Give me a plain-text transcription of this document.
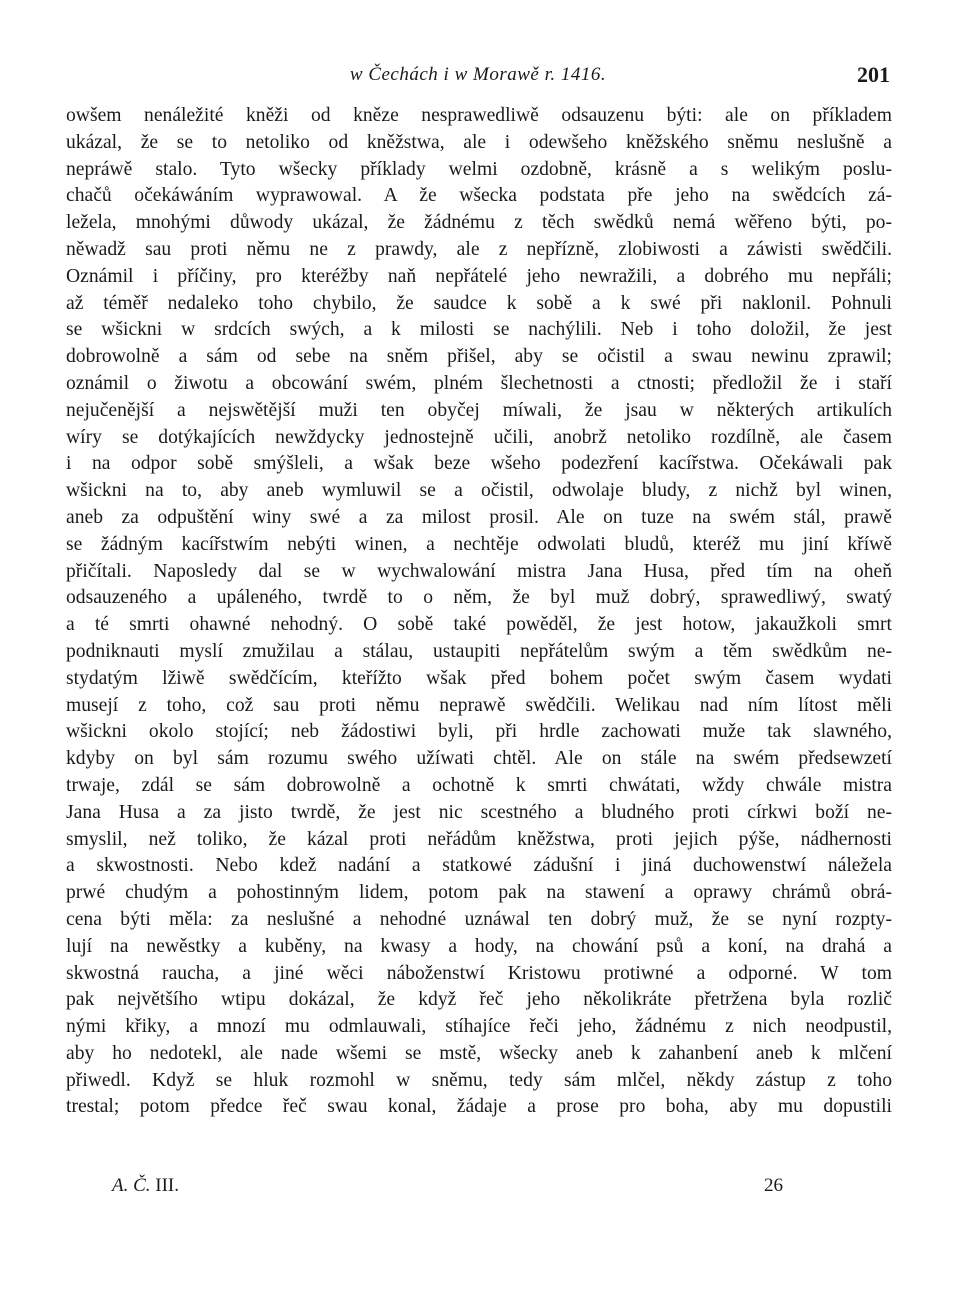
w Čechách i w Morawě r. 1416.	201
owšem nenáležité kněži od kněze nesprawedliwě odsauzenu býti: ale on příkladem
ukázal, že se to netoliko od kněžstwa, ale i odewšeho kněžského sněmu neslušně a
nepráwě stalo. Tyto wšecky příklady welmi ozdobně, krásně a s welikým poslu-
chačů očekáwáním wyprawowal. A že wšecka podstata pře jeho na swědcích zá-
ležela, mnohými důwody ukázal, že žádnému z těch swědků nemá wěřeno býti, po-
něwadž sau proti němu ne z prawdy, ale z nepřízně, zlobiwosti a záwisti swědčili.
Oznámil i příčiny, pro kteréžby naň nepřátelé jeho newražili, a dobrého mu nepřáli;
až téměř nedaleko toho chybilo, že saudce k sobě a k swé při naklonil. Pohnuli
se wšickni w srdcích swých, a k milosti se nachýlili. Neb i toho doložil, že jest
dobrowolně a sám od sebe na sněm přišel, aby se očistil a swau newinu zprawil;
oznámil o žiwotu a obcowání swém, plném šlechetnosti a ctnosti; předložil že i staří
nejučenější a nejswětější muži ten obyčej míwali, že jsau w některých artikulích
wíry se dotýkajících newždycky jednostejně učili, anobrž netoliko rozdílně, ale časem
i na odpor sobě smýšleli, a wšak beze wšeho podezření kacířstwa. Očekáwali pak
wšickni na to, aby aneb wymluwil se a očistil, odwolaje bludy, z nichž byl winen,
aneb za odpuštění winy swé a za milost prosil. Ale on tuze na swém stál, prawě
se žádným kacířstwím nebýti winen, a nechtěje odwolati bludů, kteréž mu jiní kříwě
přičítali. Naposledy dal se w wychwalowání mistra Jana Husa, před tím na oheň
odsauzeného a upáleného, twrdě to o něm, že byl muž dobrý, sprawedliwý, swatý
a té smrti ohawné nehodný. O sobě také powěděl, že jest hotow, jakaužkoli smrt
podniknauti myslí zmužilau a stálau, ustaupiti nepřátelům swým a těm swědkům ne-
stydatým lžiwě swědčícím, kteřížto wšak před bohem počet swým časem wydati
musejí z toho, což sau proti němu neprawě swědčili. Welikau nad ním lítost měli
wšickni okolo stojící; neb žádostiwi byli, při hrdle zachowati muže tak slawného,
kdyby on byl sám rozumu swého užíwati chtěl. Ale on stále na swém předsewzetí
trwaje, zdál se sám dobrowolně a ochotně k smrti chwátati, wždy chwále mistra
Jana Husa a za jisto twrdě, že jest nic scestného a bludného proti církwi boží ne-
smyslil, než toliko, že kázal proti neřádům kněžstwa, proti jejich pýše, nádhernosti
a skwostnosti. Nebo kdež nadání a statkowé zádušní i jiná duchowenstwí náležela
prwé chudým a pohostinným lidem, potom pak na stawení a oprawy chrámů obrá-
cena býti měla: za neslušné a nehodné uznáwal ten dobrý muž, že se nyní rozpty-
lují na newěstky a kuběny, na kwasy a hody, na chowání psů a koní, na drahá a
skwostná raucha, a jiné wěci náboženstwí Kristowu protiwné a odporné. W tom
pak největšího wtipu dokázal, že když řeč jeho několikráte přetržena byla rozlič
nými křiky, a mnozí mu odmlauwali, stíhajíce řeči jeho, žádnému z nich neodpustil,
aby ho nedotekl, ale nade wšemi se mstě, wšecky aneb k zahanbení aneb k mlčení
přiwedl. Když se hluk rozmohl w sněmu, tedy sám mlčel, někdy zástup z toho
trestal; potom předce řeč swau konal, žádaje a prose pro boha, aby mu dopustili
A. Č. III.	26
